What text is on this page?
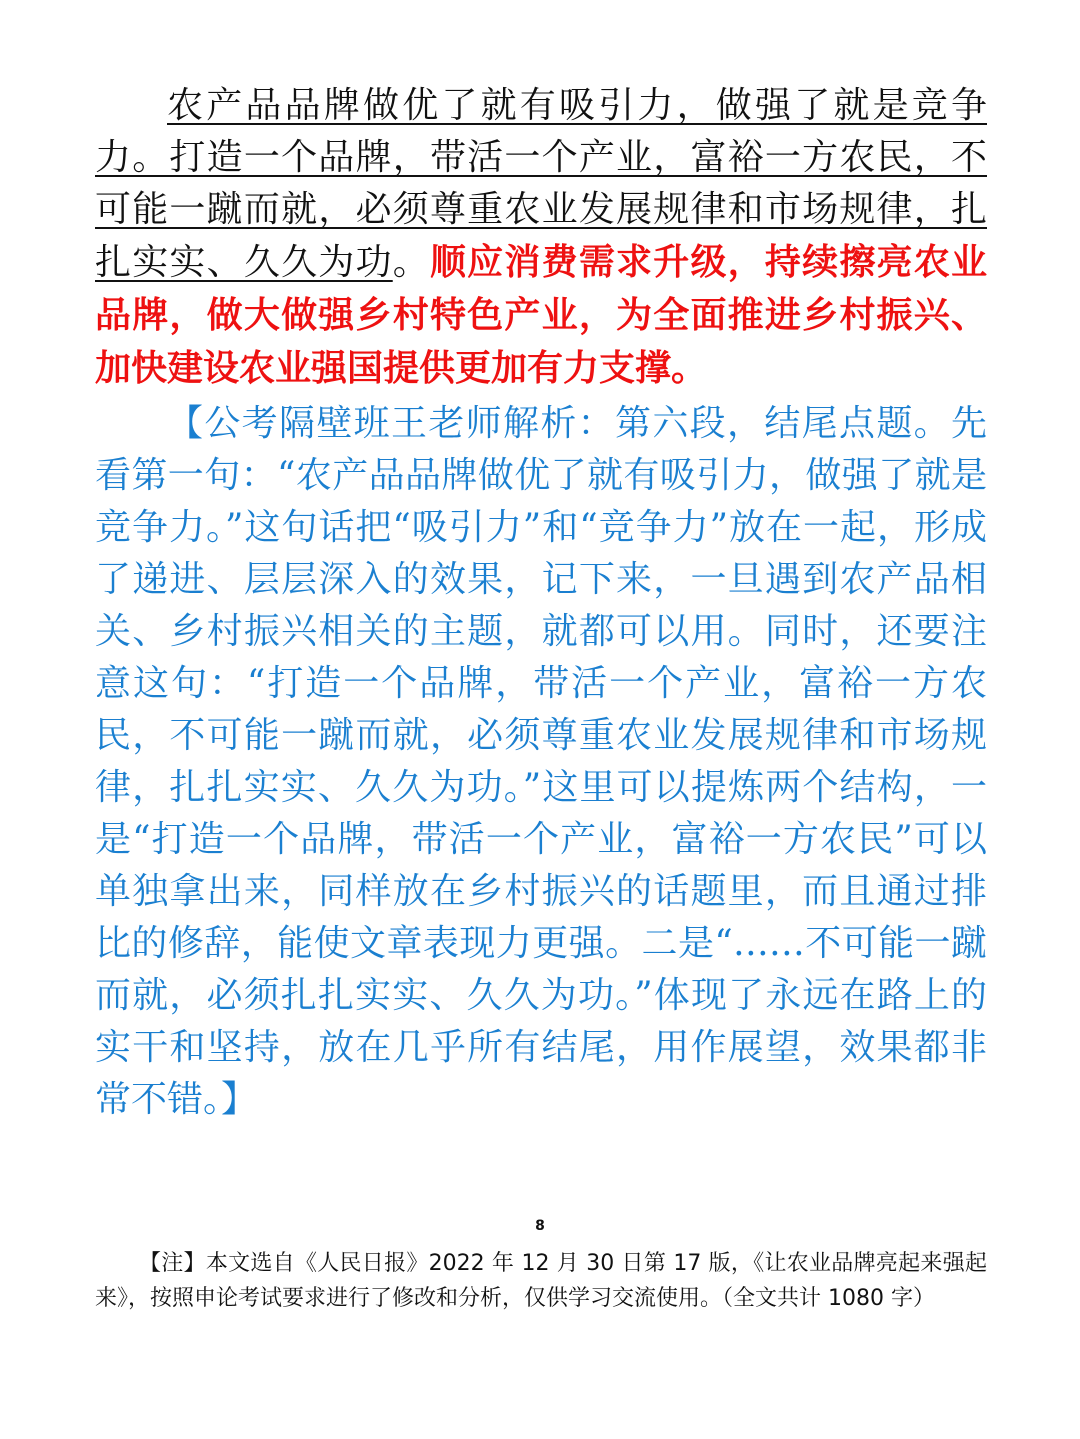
农产品品牌做优了就有吸引力，做强了就是竞争力。打造一个品牌，带活一个产业，富裕一方农民，不可能一蹴而就，必须尊重农业发展规律和市场规律，扎扎实实、久久为功。顺应消费需求升级，持续擦亮农业品牌，做大做强乡村特色产业，为全面推进乡村振兴、加快建设农业强国提供更加有力支撑。

【公考隔壁班王老师解析：第六段，结尾点题。先看第一句：“农产品品牌做优了就有吸引力，做强了就是竞争力。”这句话把“吸引力”和“竞争力”放在一起，形成了递进、层层深入的效果，记下来，一旦遇到农产品相关、乡村振兴相关的主题，就都可以用。同时，还要注意这句：“打造一个品牌，带活一个产业，富裕一方农民，不可能一蹴而就，必须尊重农业发展规律和市场规律，扎扎实实、久久为功。”这里可以提炼两个结构，一是“打造一个品牌，带活一个产业，富裕一方农民”可以单独拿出来，同样放在乡村振兴的话题里，而且通过排比的修辞，能使文章表现力更强。二是“……不可能一蹴而就，必须扎扎实实、久久为功。”体现了永远在路上的实干和坚持，放在几乎所有结尾，用作展望，效果都非常不错。】

8

【注】本文选自《人民日报》2022 年 12 月 30 日第 17 版，《让农业品牌亮起来强起来》，按照申论考试要求进行了修改和分析，仅供学习交流使用。（全文共计 1080 字）
